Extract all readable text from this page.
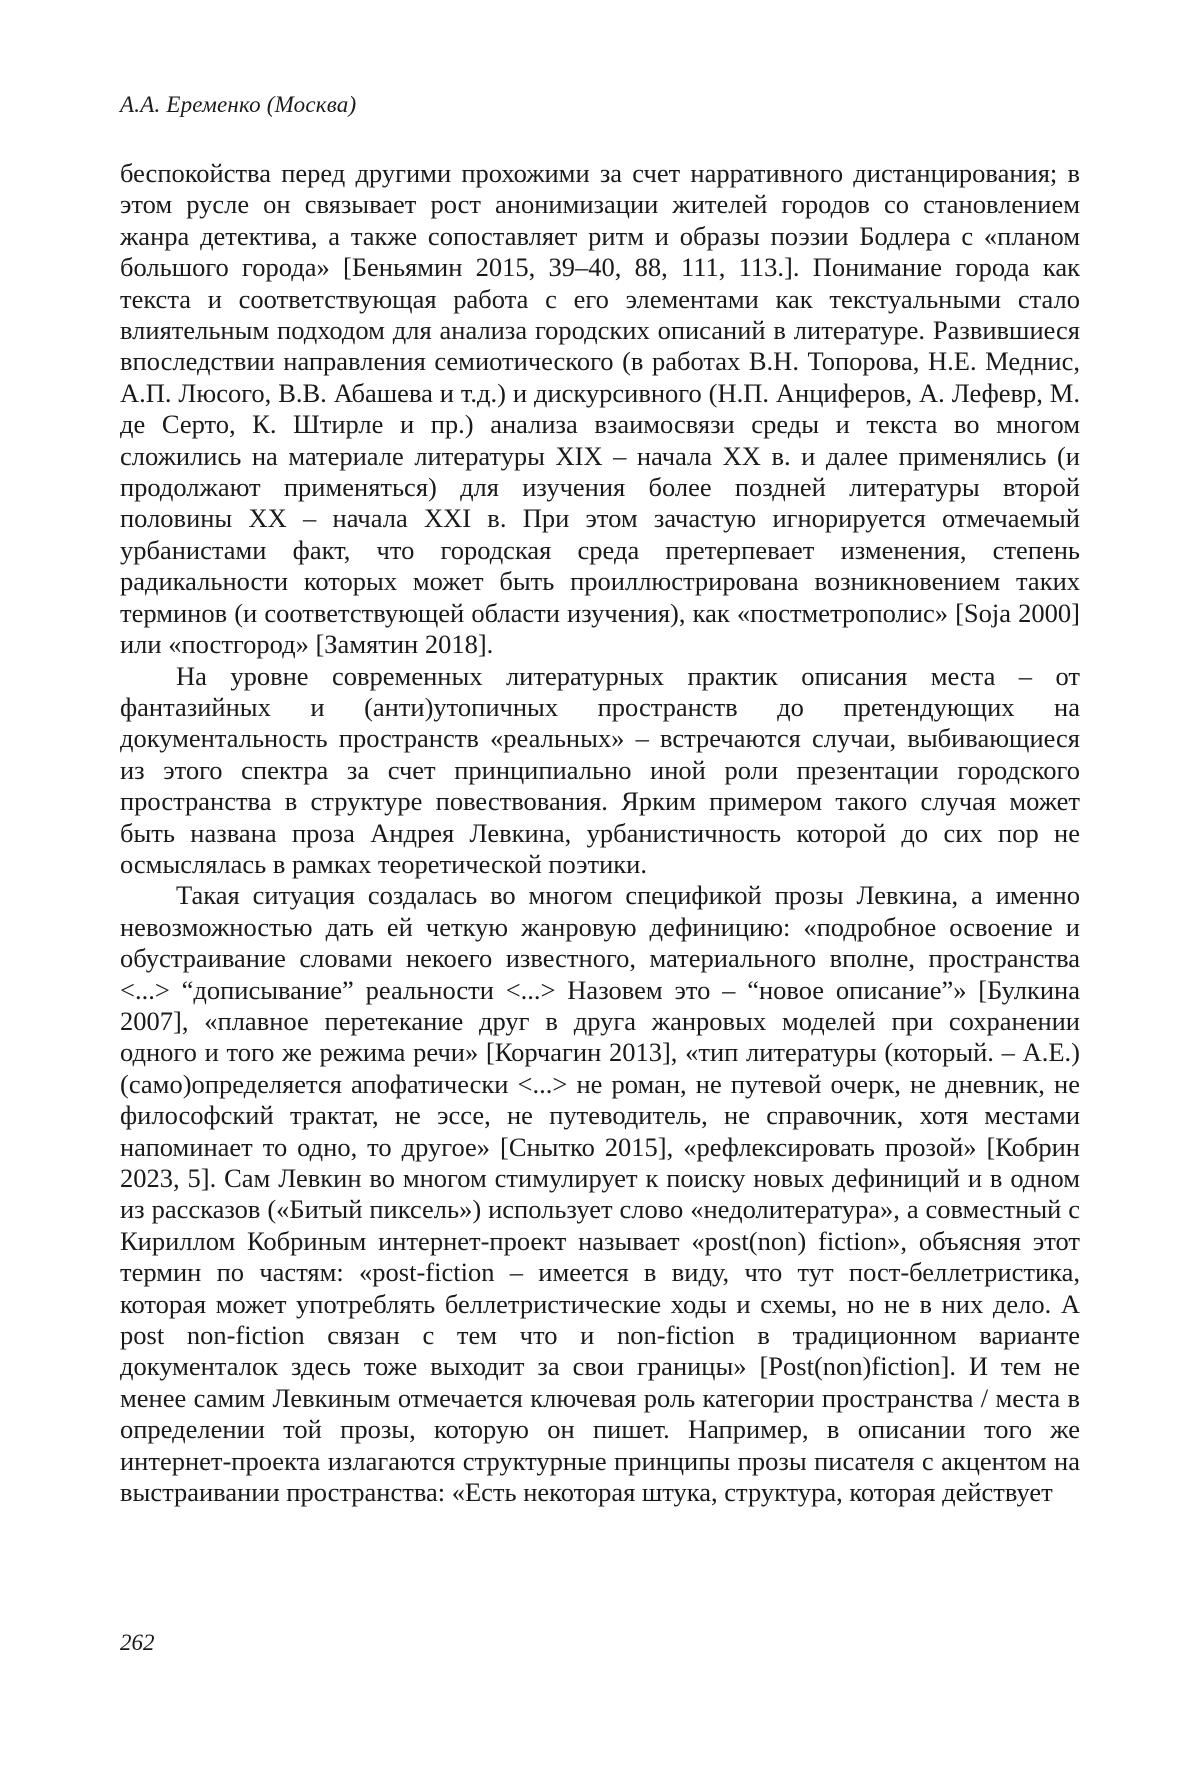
А.А. Еременко (Москва)

беспокойства перед другими прохожими за счет нарративного дистанцирования; в этом русле он связывает рост анонимизации жителей городов со становлением жанра детектива, а также сопоставляет ритм и образы поэзии Бодлера с «планом большого города» [Беньямин 2015, 39–40, 88, 111, 113.]. Понимание города как текста и соответствующая работа с его элементами как текстуальными стало влиятельным подходом для анализа городских описаний в литературе. Развившиеся впоследствии направления семиотического (в работах В.Н. Топорова, Н.Е. Меднис, А.П. Люсого, В.В. Абашева и т.д.) и дискурсивного (Н.П. Анциферов, А. Лефевр, М. де Серто, К. Штирле и пр.) анализа взаимосвязи среды и текста во многом сложились на материале литературы XIX – начала XX в. и далее применялись (и продолжают применяться) для изучения более поздней литературы второй половины XX – начала XXI в. При этом зачастую игнорируется отмечаемый урбанистами факт, что городская среда претерпевает изменения, степень радикальности которых может быть проиллюстрирована возникновением таких терминов (и соответствующей области изучения), как «постметрополис» [Soja 2000] или «постгород» [Замятин 2018].

На уровне современных литературных практик описания места – от фантазийных и (анти)утопичных пространств до претендующих на документальность пространств «реальных» – встречаются случаи, выбивающиеся из этого спектра за счет принципиально иной роли презентации городского пространства в структуре повествования. Ярким примером такого случая может быть названа проза Андрея Левкина, урбанистичность которой до сих пор не осмыслялась в рамках теоретической поэтики.

Такая ситуация создалась во многом спецификой прозы Левкина, а именно невозможностью дать ей четкую жанровую дефиницию: «подробное освоение и обустраивание словами некоего известного, материального вполне, пространства <...> “дописывание” реальности <...> Назовем это – “новое описание”» [Булкина 2007], «плавное перетекание друг в друга жанровых моделей при сохранении одного и того же режима речи» [Корчагин 2013], «тип литературы (который. – А.Е.) (само)определяется апофатически <...> не роман, не путевой очерк, не дневник, не философский трактат, не эссе, не путеводитель, не справочник, хотя местами напоминает то одно, то другое» [Снытко 2015], «рефлексировать прозой» [Кобрин 2023, 5]. Сам Левкин во многом стимулирует к поиску новых дефиниций и в одном из рассказов («Битый пиксель») использует слово «недолитература», а совместный с Кириллом Кобриным интернет-проект называет «post(non) fiction», объясняя этот термин по частям: «post-fiction – имеется в виду, что тут пост-беллетристика, которая может употреблять беллетристические ходы и схемы, но не в них дело. А post non-fiction связан с тем что и non-fiction в традиционном варианте документалок здесь тоже выходит за свои границы» [Post(non)fiction]. И тем не менее самим Левкиным отмечается ключевая роль категории пространства / места в определении той прозы, которую он пишет. Например, в описании того же интернет-проекта излагаются структурные принципы прозы писателя с акцентом на выстраивании пространства: «Есть некоторая штука, структура, которая действует

262
